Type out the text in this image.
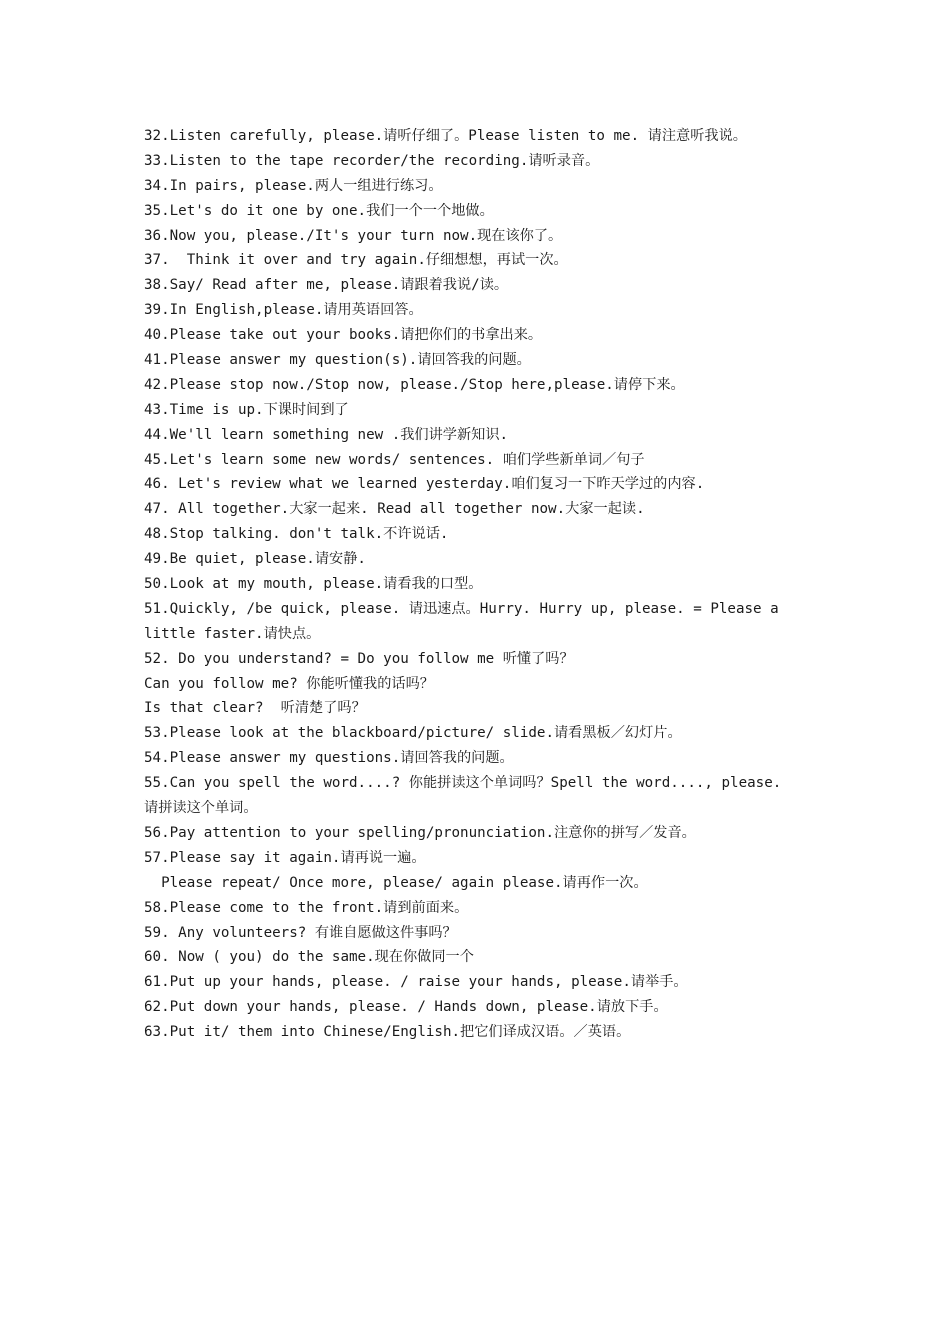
32.Listen carefully, please.请听仔细了。Please listen to me. 请注意听我说。
33.Listen to the tape recorder/the recording.请听录音。
34.In pairs, please.两人一组进行练习。
35.Let's do it one by one.我们一个一个地做。
36.Now you, please./It's your turn now.现在该你了。
37.  Think it over and try again.仔细想想，再试一次。
38.Say/ Read after me, please.请跟着我说/读。
39.In English,please.请用英语回答。
40.Please take out your books.请把你们的书拿出来。
41.Please answer my question(s).请回答我的问题。
42.Please stop now./Stop now, please./Stop here,please.请停下来。
43.Time is up.下课时间到了
44.We'll learn something new .我们讲学新知识.
45.Let's learn some new words/ sentences. 咱们学些新单词／句子
46. Let's review what we learned yesterday.咱们复习一下昨天学过的内容.
47. All together.大家一起来. Read all together now.大家一起读.
48.Stop talking. don't talk.不许说话.
49.Be quiet, please.请安静.
50.Look at my mouth, please.请看我的口型。
51.Quickly, /be quick, please. 请迅速点。Hurry. Hurry up, please. = Please a
little faster.请快点。
52. Do you understand? = Do you follow me 听懂了吗？
Can you follow me? 你能听懂我的话吗？
Is that clear?  听清楚了吗？
53.Please look at the blackboard/picture/ slide.请看黑板／幻灯片。
54.Please answer my questions.请回答我的问题。
55.Can you spell the word....? 你能拼读这个单词吗？Spell the word...., please.
请拼读这个单词。
56.Pay attention to your spelling/pronunciation.注意你的拼写／发音。
57.Please say it again.请再说一遍。
Please repeat/ Once more, please/ again please.请再作一次。
58.Please come to the front.请到前面来。
59. Any volunteers? 有谁自愿做这件事吗？
60. Now ( you) do the same.现在你做同一个
61.Put up your hands, please. / raise your hands, please.请举手。
62.Put down your hands, please. / Hands down, please.请放下手。
63.Put it/ them into Chinese/English.把它们译成汉语。／英语。
